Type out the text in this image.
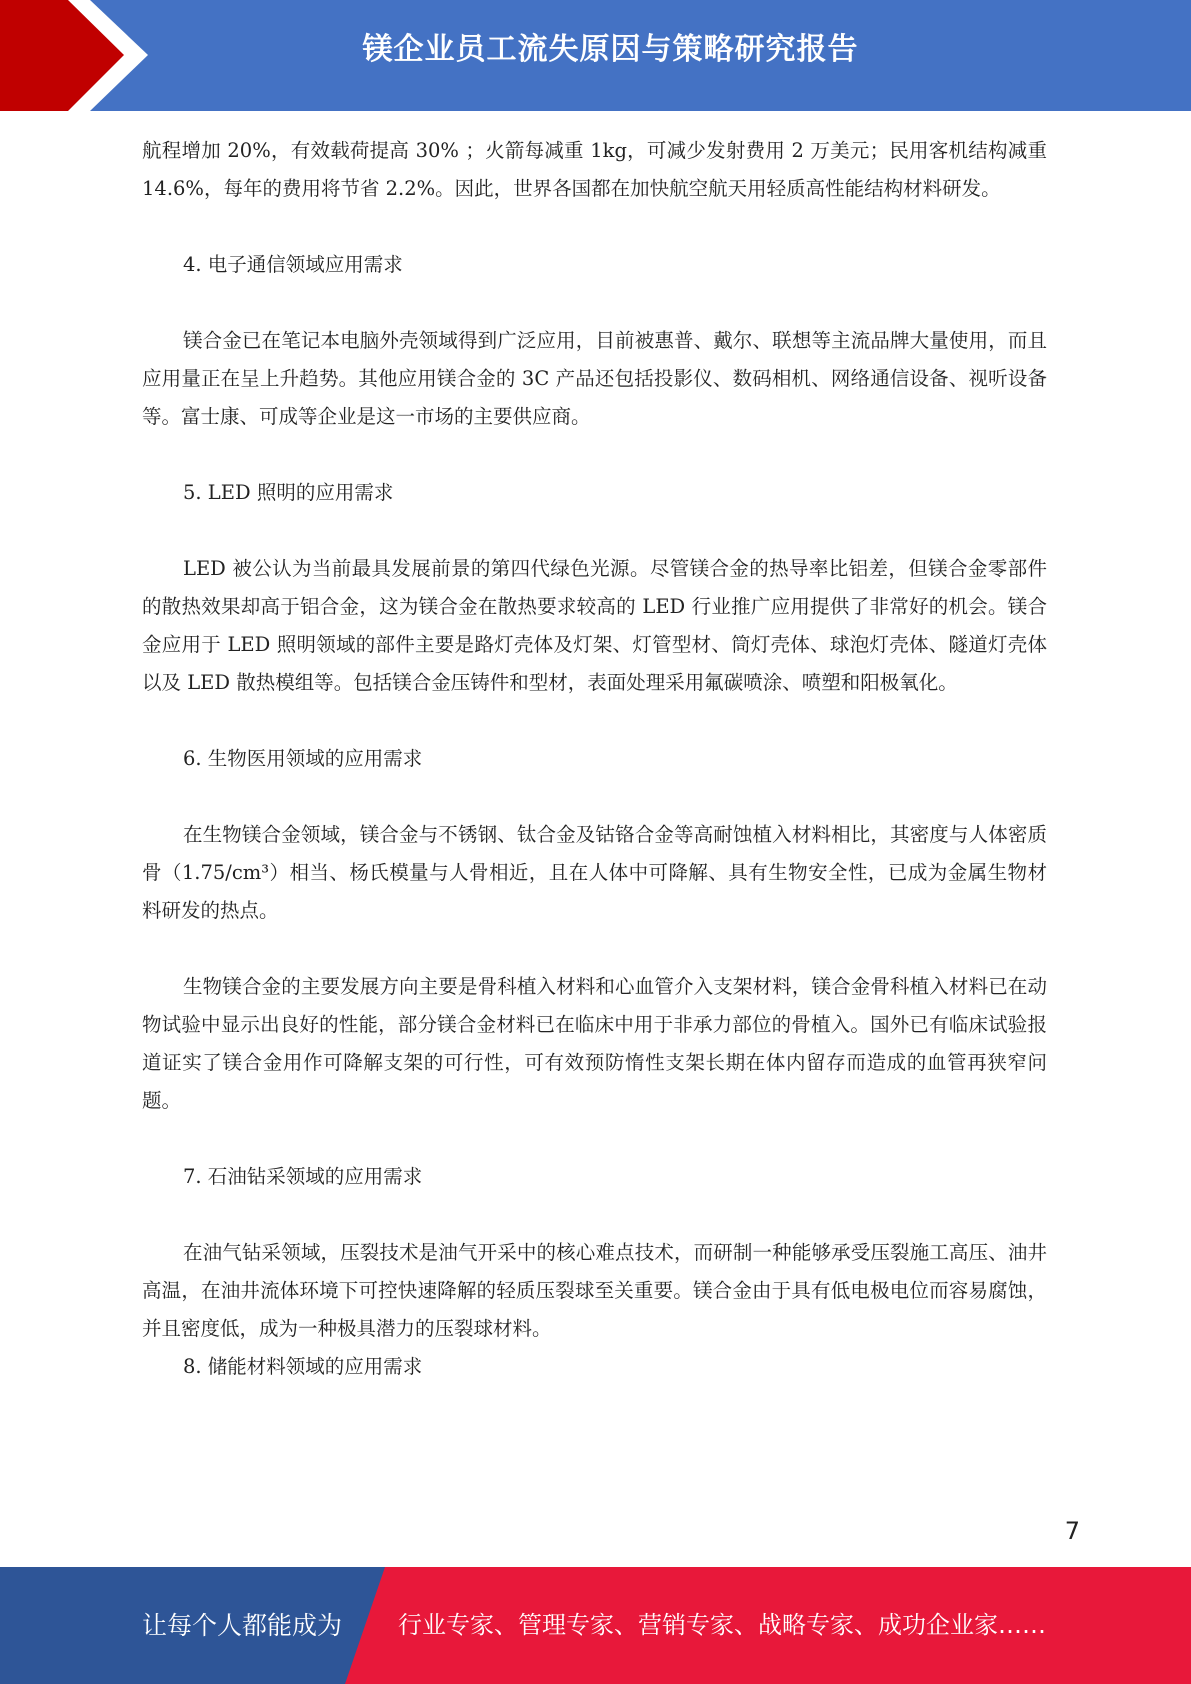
镁企业员工流失原因与策略研究报告

航程增加 20%，有效载荷提高 30% ；火箭每减重 1kg，可减少发射费用 2 万美元；民用客机结构减重 14.6%，每年的费用将节省 2.2%。因此，世界各国都在加快航空航天用轻质高性能结构材料研发。

4. 电子通信领域应用需求

镁合金已在笔记本电脑外壳领域得到广泛应用，目前被惠普、戴尔、联想等主流品牌大量使用，而且应用量正在呈上升趋势。其他应用镁合金的 3C 产品还包括投影仪、数码相机、网络通信设备、视听设备等。富士康、可成等企业是这一市场的主要供应商。

5. LED 照明的应用需求

LED 被公认为当前最具发展前景的第四代绿色光源。尽管镁合金的热导率比铝差，但镁合金零部件的散热效果却高于铝合金，这为镁合金在散热要求较高的 LED 行业推广应用提供了非常好的机会。镁合金应用于 LED 照明领域的部件主要是路灯壳体及灯架、灯管型材、筒灯壳体、球泡灯壳体、隧道灯壳体以及 LED 散热模组等。包括镁合金压铸件和型材，表面处理采用氟碳喷涂、喷塑和阳极氧化。

6. 生物医用领域的应用需求

在生物镁合金领域，镁合金与不锈钢、钛合金及钴铬合金等高耐蚀植入材料相比，其密度与人体密质骨（1.75/cm³）相当、杨氏模量与人骨相近，且在人体中可降解、具有生物安全性，已成为金属生物材料研发的热点。

生物镁合金的主要发展方向主要是骨科植入材料和心血管介入支架材料，镁合金骨科植入材料已在动物试验中显示出良好的性能，部分镁合金材料已在临床中用于非承力部位的骨植入。国外已有临床试验报道证实了镁合金用作可降解支架的可行性，可有效预防惰性支架长期在体内留存而造成的血管再狭窄问题。

7. 石油钻采领域的应用需求

在油气钻采领域，压裂技术是油气开采中的核心难点技术，而研制一种能够承受压裂施工高压、油井高温，在油井流体环境下可控快速降解的轻质压裂球至关重要。镁合金由于具有低电极电位而容易腐蚀，并且密度低，成为一种极具潜力的压裂球材料。

8. 储能材料领域的应用需求

7
让每个人都能成为 行业专家、管理专家、营销专家、战略专家、成功企业家……
